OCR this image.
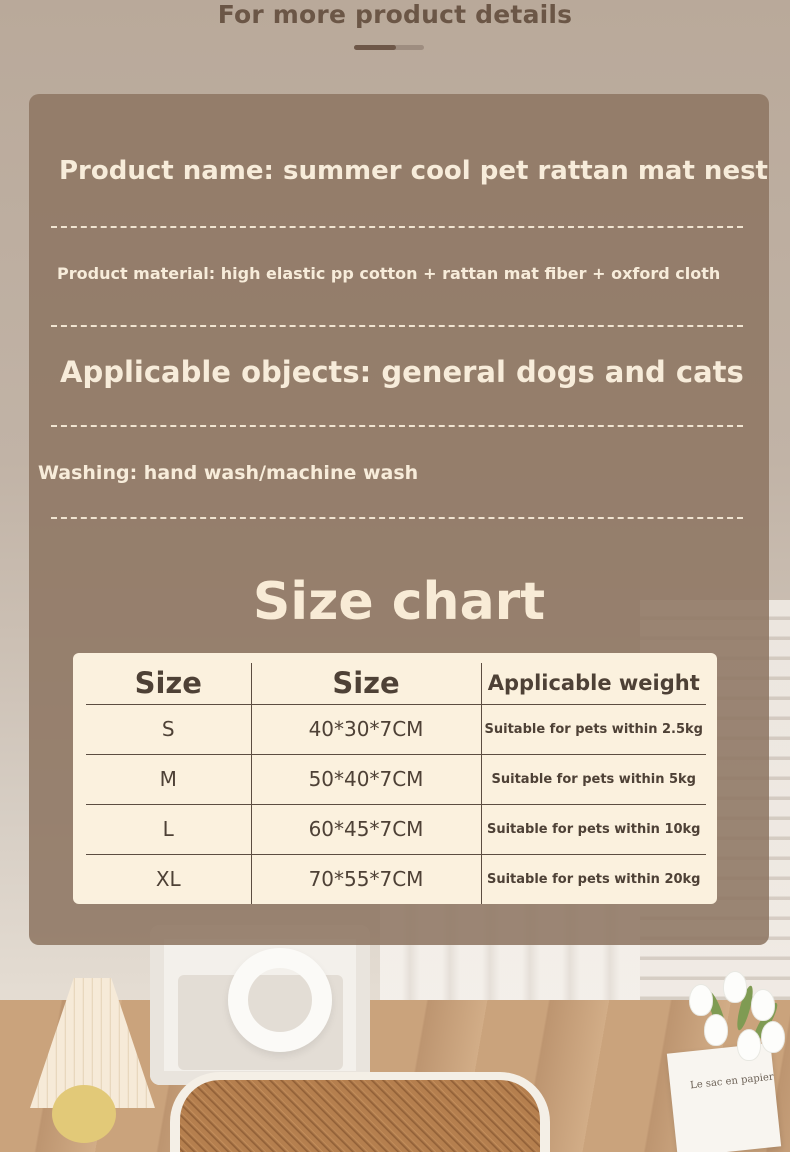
Le sac en papier
For more product details
Product name: summer cool pet rattan mat nest
Product material: high elastic pp cotton + rattan mat fiber + oxford cloth
Applicable objects: general dogs and cats
Washing: hand wash/machine wash
Size chart
Size	Size	Applicable weight
S	40*30*7CM	Suitable for pets within 2.5kg
M	50*40*7CM	Suitable for pets within 5kg
L	60*45*7CM	Suitable for pets within 10kg
XL	70*55*7CM	Suitable for pets within 20kg
